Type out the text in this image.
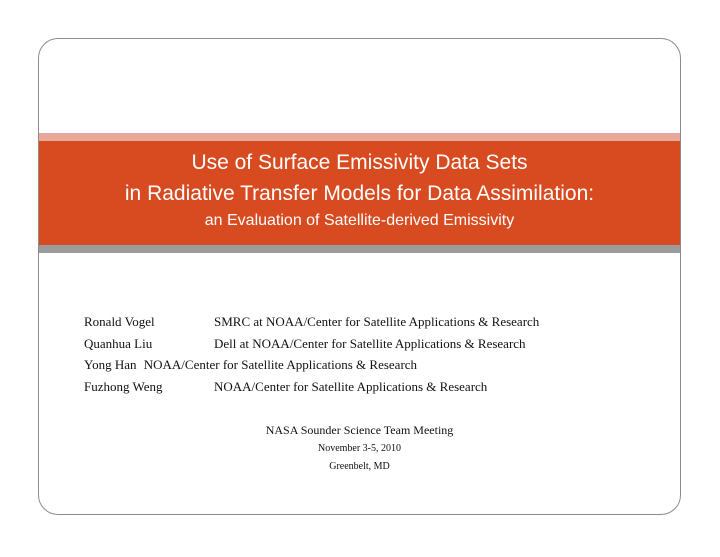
Use of Surface Emissivity Data Sets
in Radiative Transfer Models for Data Assimilation:
an Evaluation of Satellite-derived Emissivity
Ronald Vogel	SMRC at NOAA/Center for Satellite Applications & Research
Quanhua Liu	Dell at NOAA/Center for Satellite Applications & Research
Yong Han NOAA/Center for Satellite Applications & Research
Fuzhong Weng	NOAA/Center for Satellite Applications & Research
NASA Sounder Science Team Meeting
November 3-5, 2010
Greenbelt, MD
